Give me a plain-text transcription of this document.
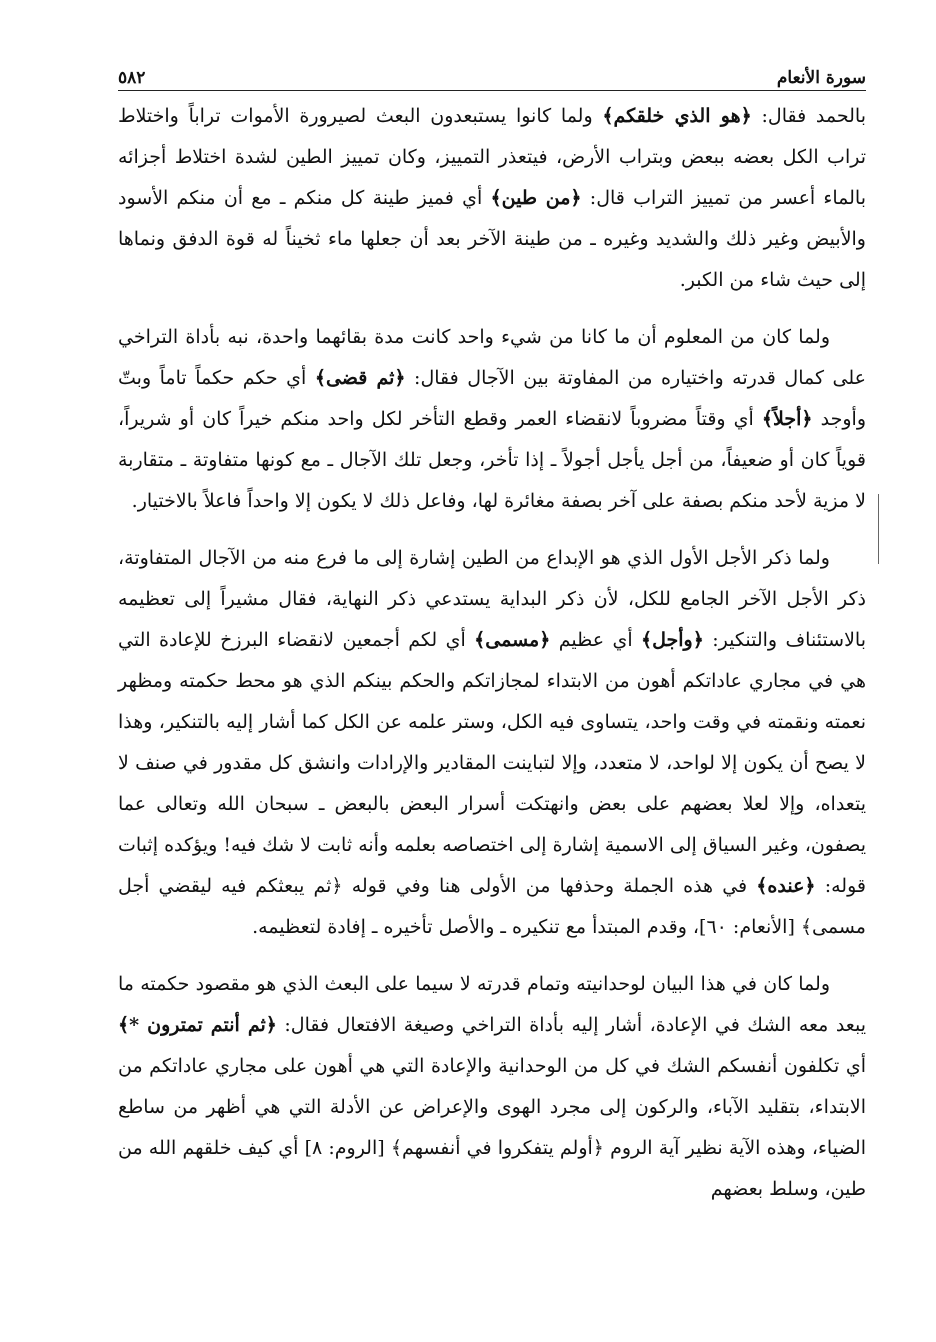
سورة الأنعام
٥٨٢

بالحمد فقال: ﴿هو الذي خلقكم﴾ ولما كانوا يستبعدون البعث لصيرورة الأموات تراباً واختلاط تراب الكل بعضه ببعض وبتراب الأرض، فيتعذر التمييز، وكان تمييز الطين لشدة اختلاط أجزائه بالماء أعسر من تمييز التراب قال: ﴿من طين﴾ أي فميز طينة كل منكم ـ مع أن منكم الأسود والأبيض وغير ذلك والشديد وغيره ـ من طينة الآخر بعد أن جعلها ماء ثخيناً له قوة الدفق ونماها إلى حيث شاء من الكبر.

ولما كان من المعلوم أن ما كانا من شيء واحد كانت مدة بقائهما واحدة، نبه بأداة التراخي على كمال قدرته واختياره من المفاوتة بين الآجال فقال: ﴿ثم قضى﴾ أي حكم حكماً تاماً وبتّ وأوجد ﴿أجلاً﴾ أي وقتاً مضروباً لانقضاء العمر وقطع التأخر لكل واحد منكم خيراً كان أو شريراً، قوياً كان أو ضعيفاً، من أجل يأجل أجولاً ـ إذا تأخر، وجعل تلك الآجال ـ مع كونها متفاوتة ـ متقاربة لا مزية لأحد منكم بصفة على آخر بصفة مغائرة لها، وفاعل ذلك لا يكون إلا واحداً فاعلاً بالاختيار.

ولما ذكر الأجل الأول الذي هو الإبداع من الطين إشارة إلى ما فرع منه من الآجال المتفاوتة، ذكر الأجل الآخر الجامع للكل، لأن ذكر البداية يستدعي ذكر النهاية، فقال مشيراً إلى تعظيمه بالاستئناف والتنكير: ﴿وأجل﴾ أي عظيم ﴿مسمى﴾ أي لكم أجمعين لانقضاء البرزخ للإعادة التي هي في مجاري عاداتكم أهون من الابتداء لمجازاتكم والحكم بينكم الذي هو محط حكمته ومظهر نعمته ونقمته في وقت واحد، يتساوى فيه الكل، وستر علمه عن الكل كما أشار إليه بالتنكير، وهذا لا يصح أن يكون إلا لواحد، لا متعدد، وإلا لتباينت المقادير والإرادات وانشق كل مقدور في صنف لا يتعداه، وإلا لعلا بعضهم على بعض وانهتكت أسرار البعض بالبعض ـ سبحان الله وتعالى عما يصفون، وغير السياق إلى الاسمية إشارة إلى اختصاصه بعلمه وأنه ثابت لا شك فيه! ويؤكده إثبات قوله: ﴿عنده﴾ في هذه الجملة وحذفها من الأولى هنا وفي قوله ﴿ثم يبعثكم فيه ليقضي أجل مسمى﴾ [الأنعام: ٦٠]، وقدم المبتدأ مع تنكيره ـ والأصل تأخيره ـ إفادة لتعظيمه.

ولما كان في هذا البيان لوحدانيته وتمام قدرته لا سيما على البعث الذي هو مقصود حكمته ما يبعد معه الشك في الإعادة، أشار إليه بأداة التراخي وصيغة الافتعال فقال: ﴿ثم أنتم تمترون *﴾ أي تكلفون أنفسكم الشك في كل من الوحدانية والإعادة التي هي أهون على مجاري عاداتكم من الابتداء، بتقليد الآباء، والركون إلى مجرد الهوى والإعراض عن الأدلة التي هي أظهر من ساطع الضياء، وهذه الآية نظير آية الروم ﴿أولم يتفكروا في أنفسهم﴾ [الروم: ٨] أي كيف خلقهم الله من طين، وسلط بعضهم
